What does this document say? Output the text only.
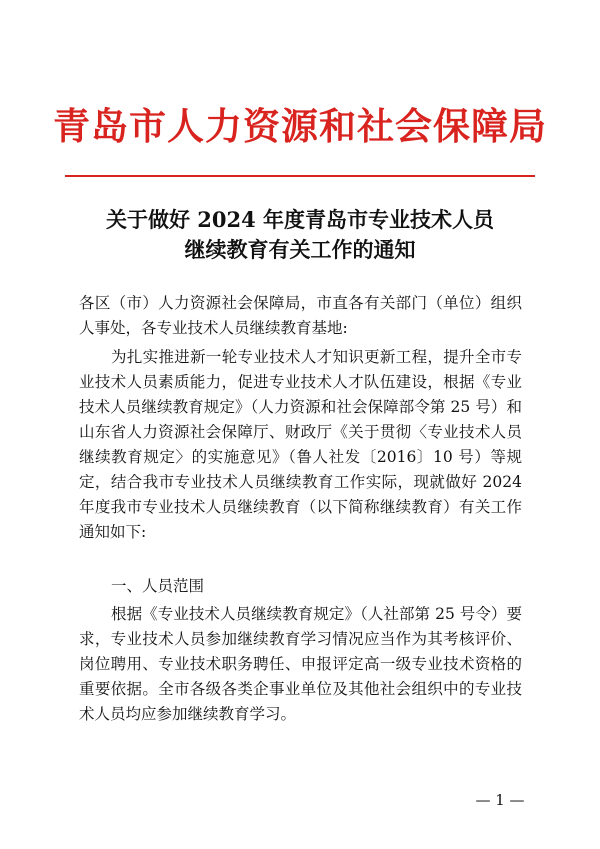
青岛市人力资源和社会保障局
关于做好 2024 年度青岛市专业技术人员
继续教育有关工作的通知
各区（市）人力资源社会保障局，市直各有关部门（单位）组织人事处，各专业技术人员继续教育基地:
为扎实推进新一轮专业技术人才知识更新工程，提升全市专业技术人员素质能力，促进专业技术人才队伍建设，根据《专业技术人员继续教育规定》（人力资源和社会保障部令第 25 号）和山东省人力资源社会保障厅、财政厅《关于贯彻〈专业技术人员继续教育规定〉的实施意见》（鲁人社发〔2016〕10 号）等规定，结合我市专业技术人员继续教育工作实际，现就做好 2024 年度我市专业技术人员继续教育（以下简称继续教育）有关工作通知如下:
一、人员范围
根据《专业技术人员继续教育规定》（人社部第 25 号令）要求，专业技术人员参加继续教育学习情况应当作为其考核评价、岗位聘用、专业技术职务聘任、申报评定高一级专业技术资格的重要依据。全市各级各类企事业单位及其他社会组织中的专业技术人员均应参加继续教育学习。
— 1 —
